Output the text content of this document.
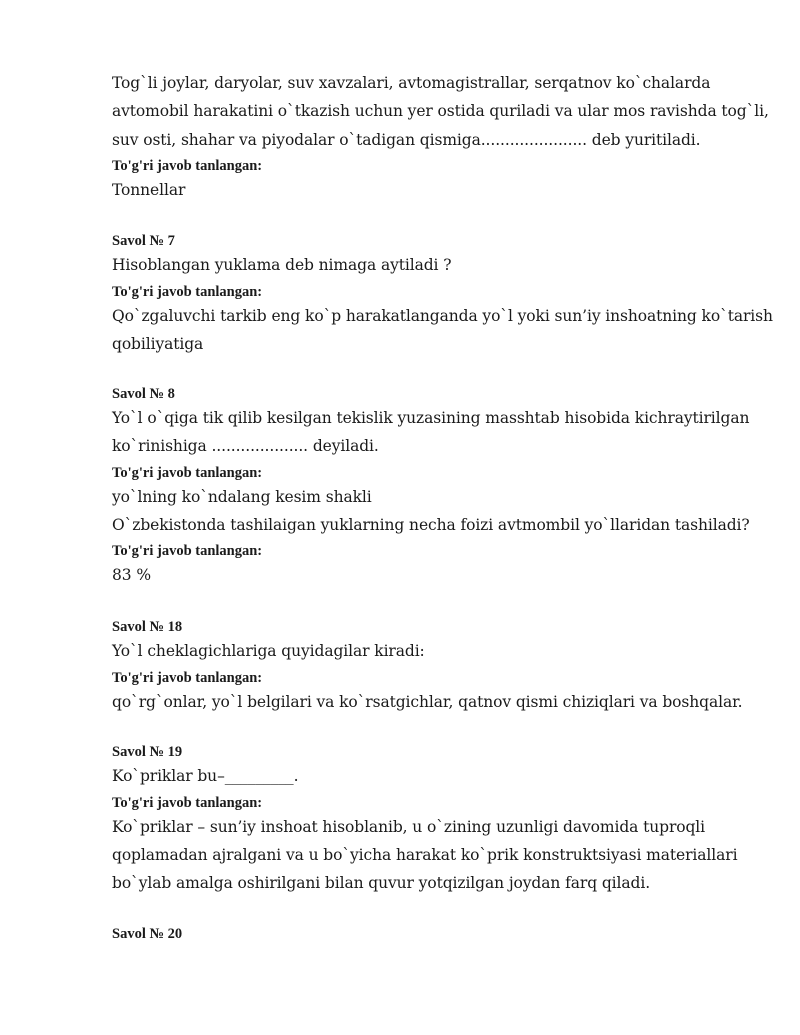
Tog`li joylar, daryolar, suv xavzalari, avtomagistrallar, serqatnov ko`chalarda
avtomobil harakatini o`tkazish uchun yer ostida quriladi va ular mos ravishda tog`li,
suv osti, shahar va piyodalar o`tadigan qismiga...................... deb yuritiladi.
To'g'ri javob tanlangan:
Tonnellar
Savol № 7
Hisoblangan yuklama deb nimaga aytiladi ?
To'g'ri javob tanlangan:
Qo`zgaluvchi tarkib eng ko`p harakatlanganda yo`l yoki sun’iy inshoatning ko`tarish
qobiliyatiga
Savol № 8
Yo`l o`qiga tik qilib kesilgan tekislik yuzasining masshtab hisobida kichraytirilgan
ko`rinishiga .................... deyiladi.
To'g'ri javob tanlangan:
yo`lning ko`ndalang kesim shakli
O`zbekistonda tashilaigan yuklarning necha foizi avtmombil yo`llaridan tashiladi?
To'g'ri javob tanlangan:
83 %
Savol № 18
Yo`l cheklagichlariga quyidagilar kiradi:
To'g'ri javob tanlangan:
qo`rg`onlar, yo`l belgilari va ko`rsatgichlar, qatnov qismi chiziqlari va boshqalar.
Savol № 19
Ko`priklar bu–_________.
To'g'ri javob tanlangan:
Ko`priklar – sun’iy inshoat hisoblanib, u o`zining uzunligi davomida tuproqli
qoplamadan ajralgani va u bo`yicha harakat ko`prik konstruktsiyasi materiallari
bo`ylab amalga oshirilgani bilan quvur yotqizilgan joydan farq qiladi.
Savol № 20
